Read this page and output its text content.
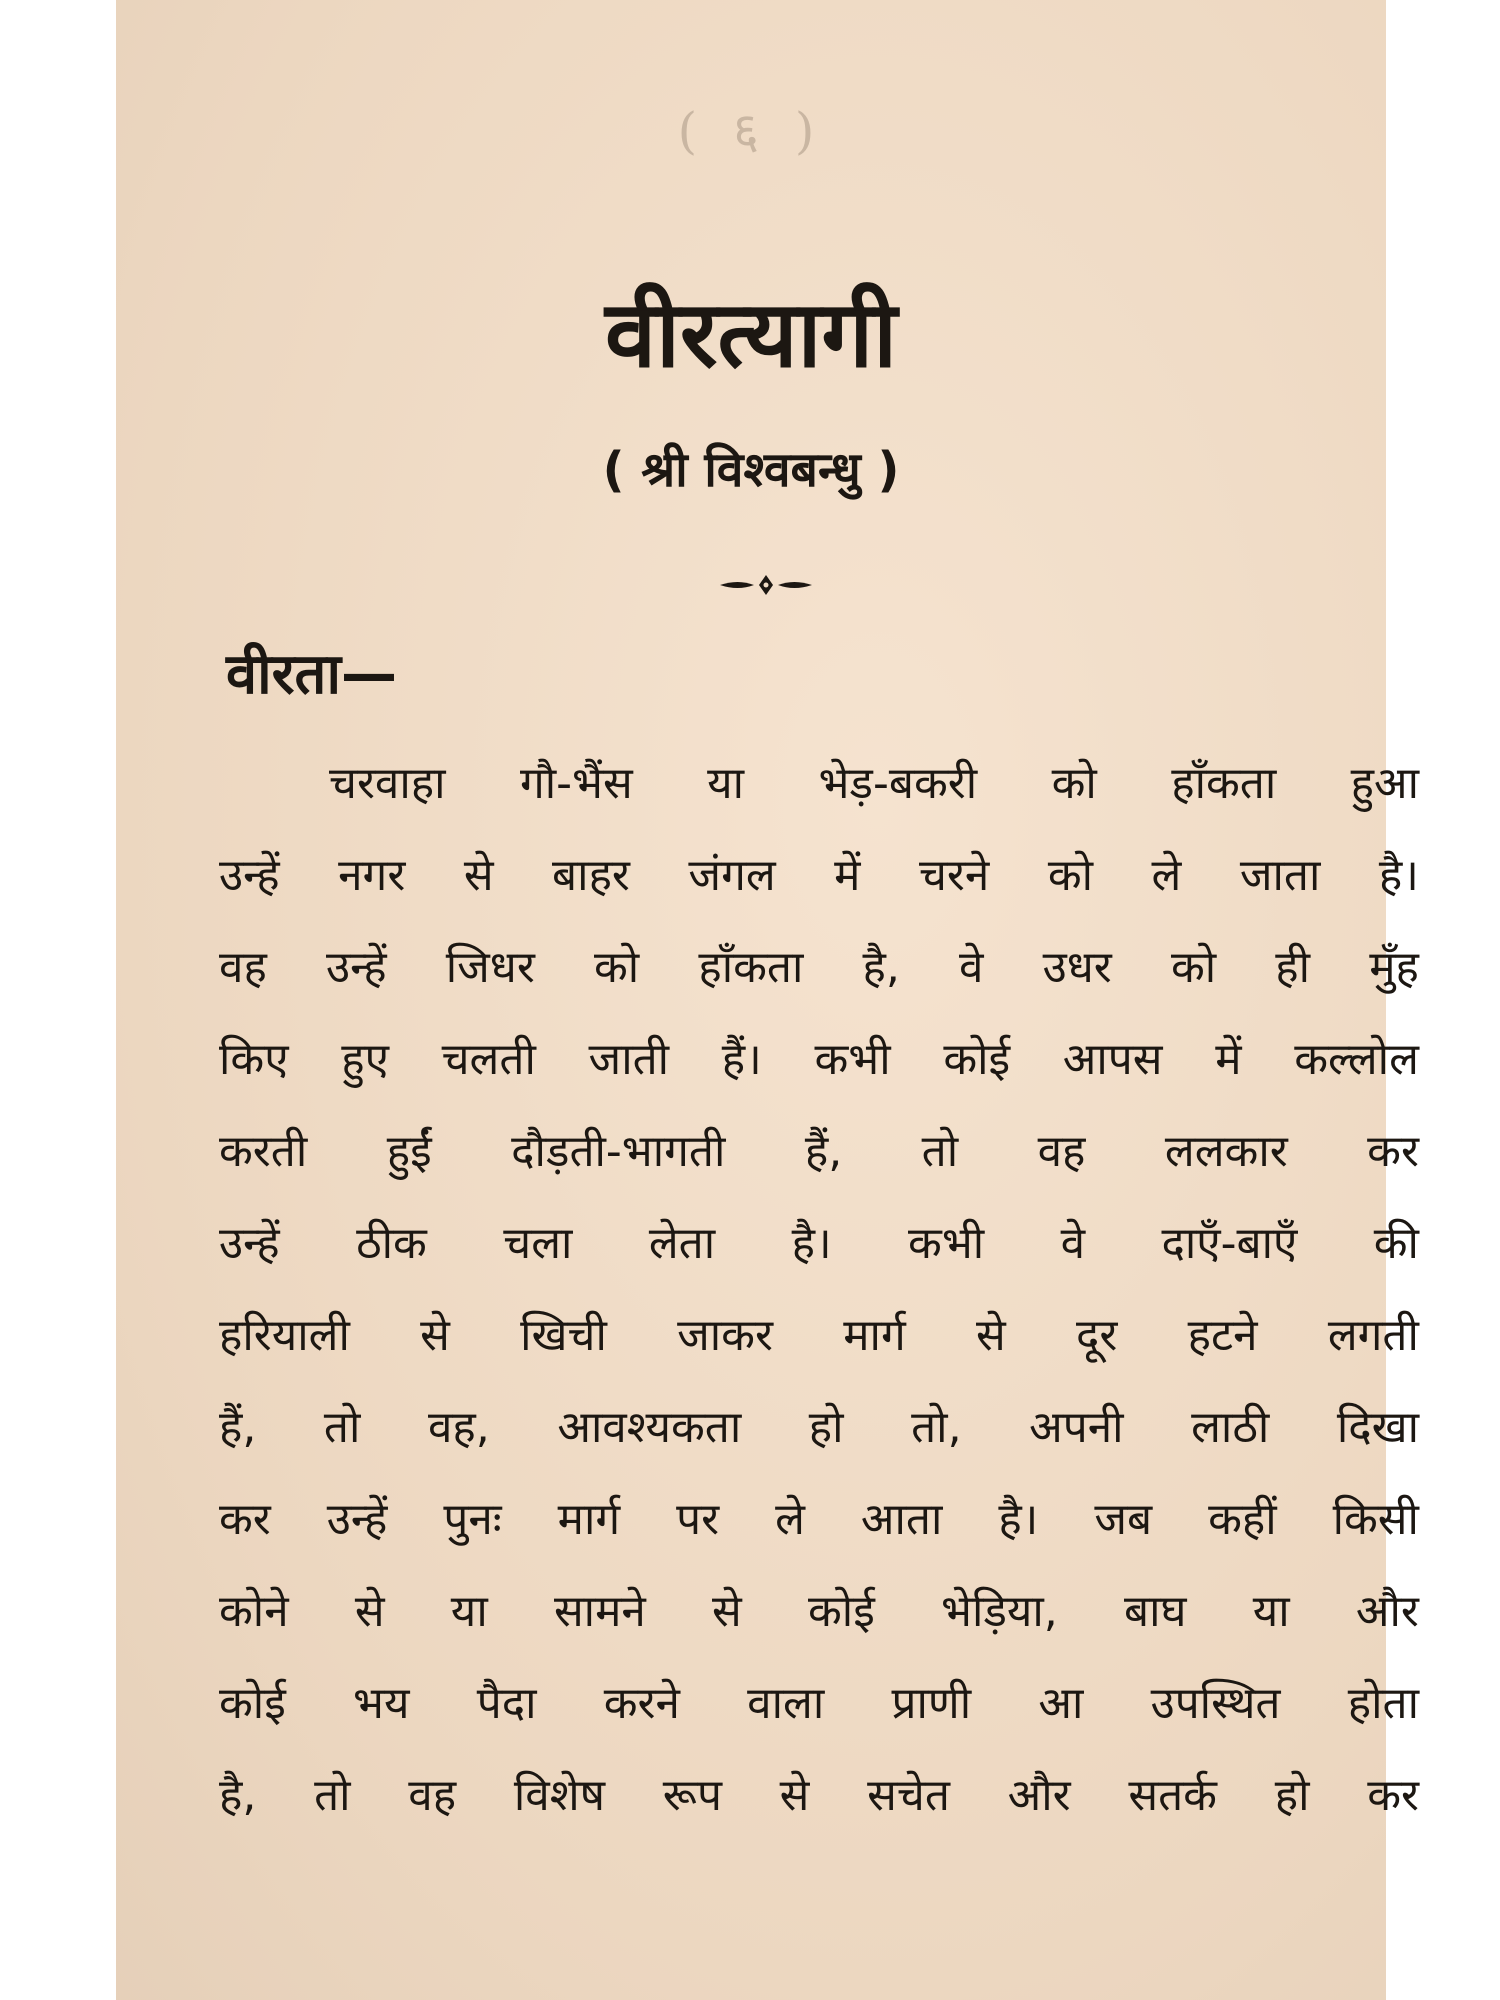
( ६ )
वीरत्यागी
( श्री विश्वबन्धु )
वीरता—
चरवाहा गौ-भैंस या भेड़-बकरी को हाँकता हुआ
उन्हें नगर से बाहर जंगल में चरने को ले जाता है।
वह उन्हें जिधर को हाँकता है, वे उधर को ही मुँह
किए हुए चलती जाती हैं। कभी कोई आपस में कल्लोल
करती हुईं दौड़ती-भागती हैं, तो वह ललकार कर
उन्हें ठीक चला लेता है। कभी वे दाएँ-बाएँ की
हरियाली से खिची जाकर मार्ग से दूर हटने लगती
हैं, तो वह, आवश्यकता हो तो, अपनी लाठी दिखा
कर उन्हें पुनः मार्ग पर ले आता है। जब कहीं किसी
कोने से या सामने से कोई भेड़िया, बाघ या और
कोई भय पैदा करने वाला प्राणी आ उपस्थित होता
है, तो वह विशेष रूप से सचेत और सतर्क हो कर
